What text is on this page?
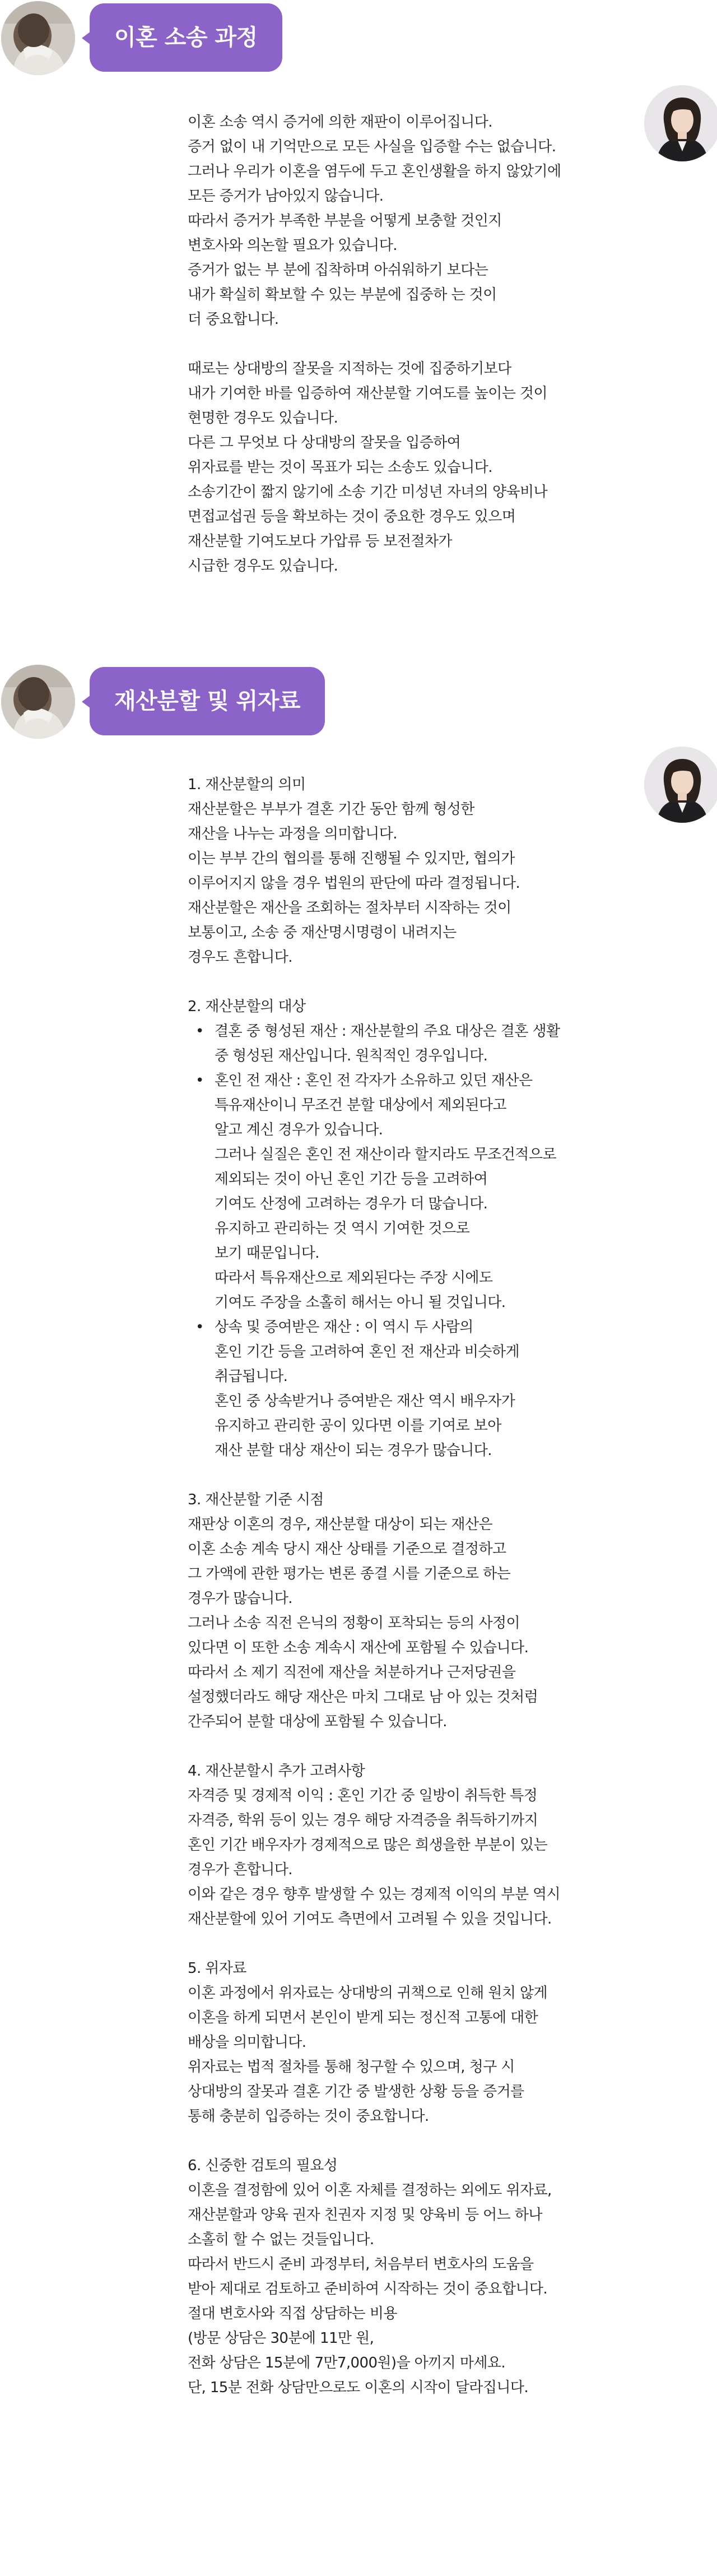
이혼 소송 과정

이혼 소송 역시 증거에 의한 재판이 이루어집니다.
증거 없이 내 기억만으로 모든 사실을 입증할 수는 없습니다.
그러나 우리가 이혼을 염두에 두고 혼인생활을 하지 않았기에
모든 증거가 남아있지 않습니다.
따라서 증거가 부족한 부분을 어떻게 보충할 것인지
변호사와 의논할 필요가 있습니다.
증거가 없는 부 분에 집착하며 아쉬워하기 보다는
내가 확실히 확보할 수 있는 부분에 집중하 는 것이
더 중요합니다.

때로는 상대방의 잘못을 지적하는 것에 집중하기보다
내가 기여한 바를 입증하여 재산분할 기여도를 높이는 것이
현명한 경우도 있습니다.
다른 그 무엇보 다 상대방의 잘못을 입증하여
위자료를 받는 것이 목표가 되는 소송도 있습니다.
소송기간이 짧지 않기에 소송 기간 미성년 자녀의 양육비나
면접교섭권 등을 확보하는 것이 중요한 경우도 있으며
재산분할 기여도보다 가압류 등 보전절차가
시급한 경우도 있습니다.

재산분할 및 위자료

1. 재산분할의 의미

재산분할은 부부가 결혼 기간 동안 함께 형성한
재산을 나누는 과정을 의미합니다.
이는 부부 간의 협의를 통해 진행될 수 있지만, 협의가
이루어지지 않을 경우 법원의 판단에 따라 결정됩니다.
재산분할은 재산을 조회하는 절차부터 시작하는 것이
보통이고, 소송 중 재산명시명령이 내려지는
경우도 흔합니다.

2. 재산분할의 대상

• 결혼 중 형성된 재산 : 재산분할의 주요 대상은 결혼 생활
중 형성된 재산입니다. 원칙적인 경우입니다.
• 혼인 전 재산 : 혼인 전 각자가 소유하고 있던 재산은
특유재산이니 무조건 분할 대상에서 제외된다고
알고 계신 경우가 있습니다.
그러나 실질은 혼인 전 재산이라 할지라도 무조건적으로
제외되는 것이 아닌 혼인 기간 등을 고려하여
기여도 산정에 고려하는 경우가 더 많습니다.
유지하고 관리하는 것 역시 기여한 것으로
보기 때문입니다.
따라서 특유재산으로 제외된다는 주장 시에도
기여도 주장을 소홀히 해서는 아니 될 것입니다.
• 상속 및 증여받은 재산 : 이 역시 두 사람의
혼인 기간 등을 고려하여 혼인 전 재산과 비슷하게
취급됩니다.
혼인 중 상속받거나 증여받은 재산 역시 배우자가
유지하고 관리한 공이 있다면 이를 기여로 보아
재산 분할 대상 재산이 되는 경우가 많습니다.

3. 재산분할 기준 시점

재판상 이혼의 경우, 재산분할 대상이 되는 재산은
이혼 소송 계속 당시 재산 상태를 기준으로 결정하고
그 가액에 관한 평가는 변론 종결 시를 기준으로 하는
경우가 많습니다.
그러나 소송 직전 은닉의 정황이 포착되는 등의 사정이
있다면 이 또한 소송 계속시 재산에 포함될 수 있습니다.
따라서 소 제기 직전에 재산을 처분하거나 근저당권을
설정했더라도 해당 재산은 마치 그대로 남 아 있는 것처럼
간주되어 분할 대상에 포함될 수 있습니다.

4. 재산분할시 추가 고려사항

자격증 및 경제적 이익 : 혼인 기간 중 일방이 취득한 특정
자격증, 학위 등이 있는 경우 해당 자격증을 취득하기까지
혼인 기간 배우자가 경제적으로 많은 희생을한 부분이 있는
경우가 흔합니다.
이와 같은 경우 향후 발생할 수 있는 경제적 이익의 부분 역시
재산분할에 있어 기여도 측면에서 고려될 수 있을 것입니다.

5. 위자료

이혼 과정에서 위자료는 상대방의 귀책으로 인해 원치 않게
이혼을 하게 되면서 본인이 받게 되는 정신적 고통에 대한
배상을 의미합니다.
위자료는 법적 절차를 통해 청구할 수 있으며, 청구 시
상대방의 잘못과 결혼 기간 중 발생한 상황 등을 증거를
통해 충분히 입증하는 것이 중요합니다.

6. 신중한 검토의 필요성

이혼을 결정함에 있어 이혼 자체를 결정하는 외에도 위자료,
재산분할과 양육 권자 친권자 지정 및 양육비 등 어느 하나
소홀히 할 수 없는 것들입니다.
따라서 반드시 준비 과정부터, 처음부터 변호사의 도움을
받아 제대로 검토하고 준비하여 시작하는 것이 중요합니다.
절대 변호사와 직접 상담하는 비용
(방문 상담은 30분에 11만 원,
전화 상담은 15분에 7만7,000원)을 아끼지 마세요.
단, 15분 전화 상담만으로도 이혼의 시작이 달라집니다.
